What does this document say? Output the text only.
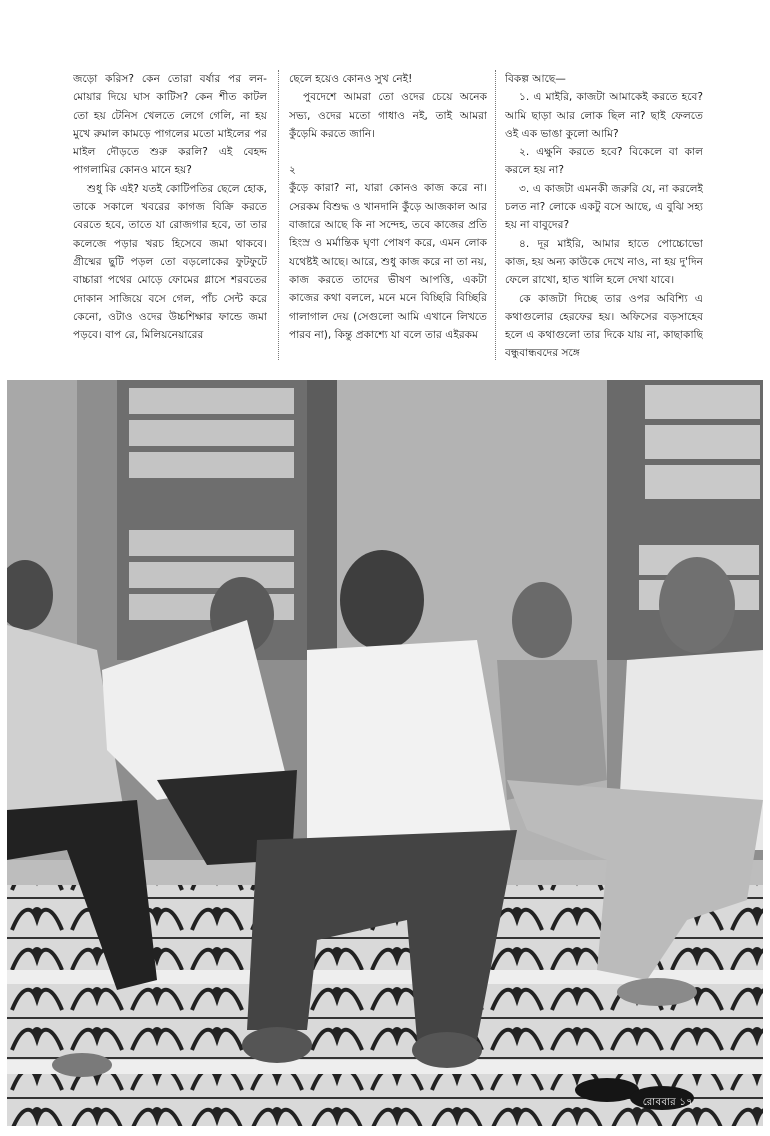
জড়ো করিস? কেন তোরা বর্ষার পর লন-মোয়ার দিয়ে ঘাস কাটিস? কেন শীত কাটল তো হয় টেনিস খেলতে লেগে গেলি, না হয় মুখে রুমাল কামড়ে পাগলের মতো মাইলের পর মাইল দৌড়তে শুরু করলি? এই বেহদ্দ পাগলামির কোনও মানে হয়?

শুধু কি এই? যতই কোটিপতির ছেলে হোক, তাকে সকালে খবরের কাগজ বিক্রি করতে বেরতে হবে, তাতে যা রোজগার হবে, তা তার কলেজে পড়ার খরচ হিসেবে জমা থাকবে। গ্রীষ্মের ছুটি পড়ল তো বড়লোকের ফুটফুটে বাচ্চারা পথের মোড়ে ফোমের গ্লাসে শরবতের দোকান সাজিয়ে বসে গেল, পাঁচ সেন্ট করে কেনো, ওটাও ওদের উচ্চশিক্ষার ফান্ডে জমা পড়বে। বাপ রে, মিলিয়নেয়ারের

ছেলে হয়েও কোনও সুখ নেই!

পুবদেশে আমরা তো ওদের চেয়ে অনেক সভ্য, ওদের মতো গাধাও নই, তাই আমরা কুঁড়েমি করতে জানি।

২

কুঁড়ে কারা? না, যারা কোনও কাজ করে না। সেরকম বিশুদ্ধ ও খানদানি কুঁড়ে আজকাল আর বাজারে আছে কি না সন্দেহ, তবে কাজের প্রতি হিংস্র ও মর্মান্তিক ঘৃণা পোষণ করে, এমন লোক যথেষ্টই আছে। আরে, শুধু কাজ করে না তা নয়, কাজ করতে তাদের ভীষণ আপত্তি, একটা কাজের কথা বললে, মনে মনে বিচ্ছিরি বিচ্ছিরি গালাগাল দেয় (সেগুলো আমি এখানে লিখতে পারব না), কিন্তু প্রকাশ্যে যা বলে তার এইরকম

বিকল্প আছে—

১. এ মাইরি, কাজটা আমাকেই করতে হবে? আমি ছাড়া আর লোক ছিল না? ছাই ফেলতে ওই এক ভাঙা কুলো আমি?

২. এক্ষুনি করতে হবে? বিকেলে বা কাল করলে হয় না?

৩. এ কাজটা এমনকী জরুরি যে, না করলেই চলত না? লোকে একটু বসে আছে, এ বুঝি সহ্য হয় না বাবুদের?

৪. দূর মাইরি, আমার হাতে পোচ্চোভো কাজ, হয় অন্য কাউকে দেখে নাও, না হয় দু'দিন ফেলে রাখো, হাত খালি হলে দেখা যাবে।

কে কাজটা দিচ্ছে তার ওপর অবিশ্যি এ কথাগুলোর হেরফের হয়। অফিসের বড়সাহেব হলে এ কথাগুলো তার দিকে যায় না, কাছাকাছি বন্ধুবান্ধবদের সঙ্গে

রোববার ১৭
